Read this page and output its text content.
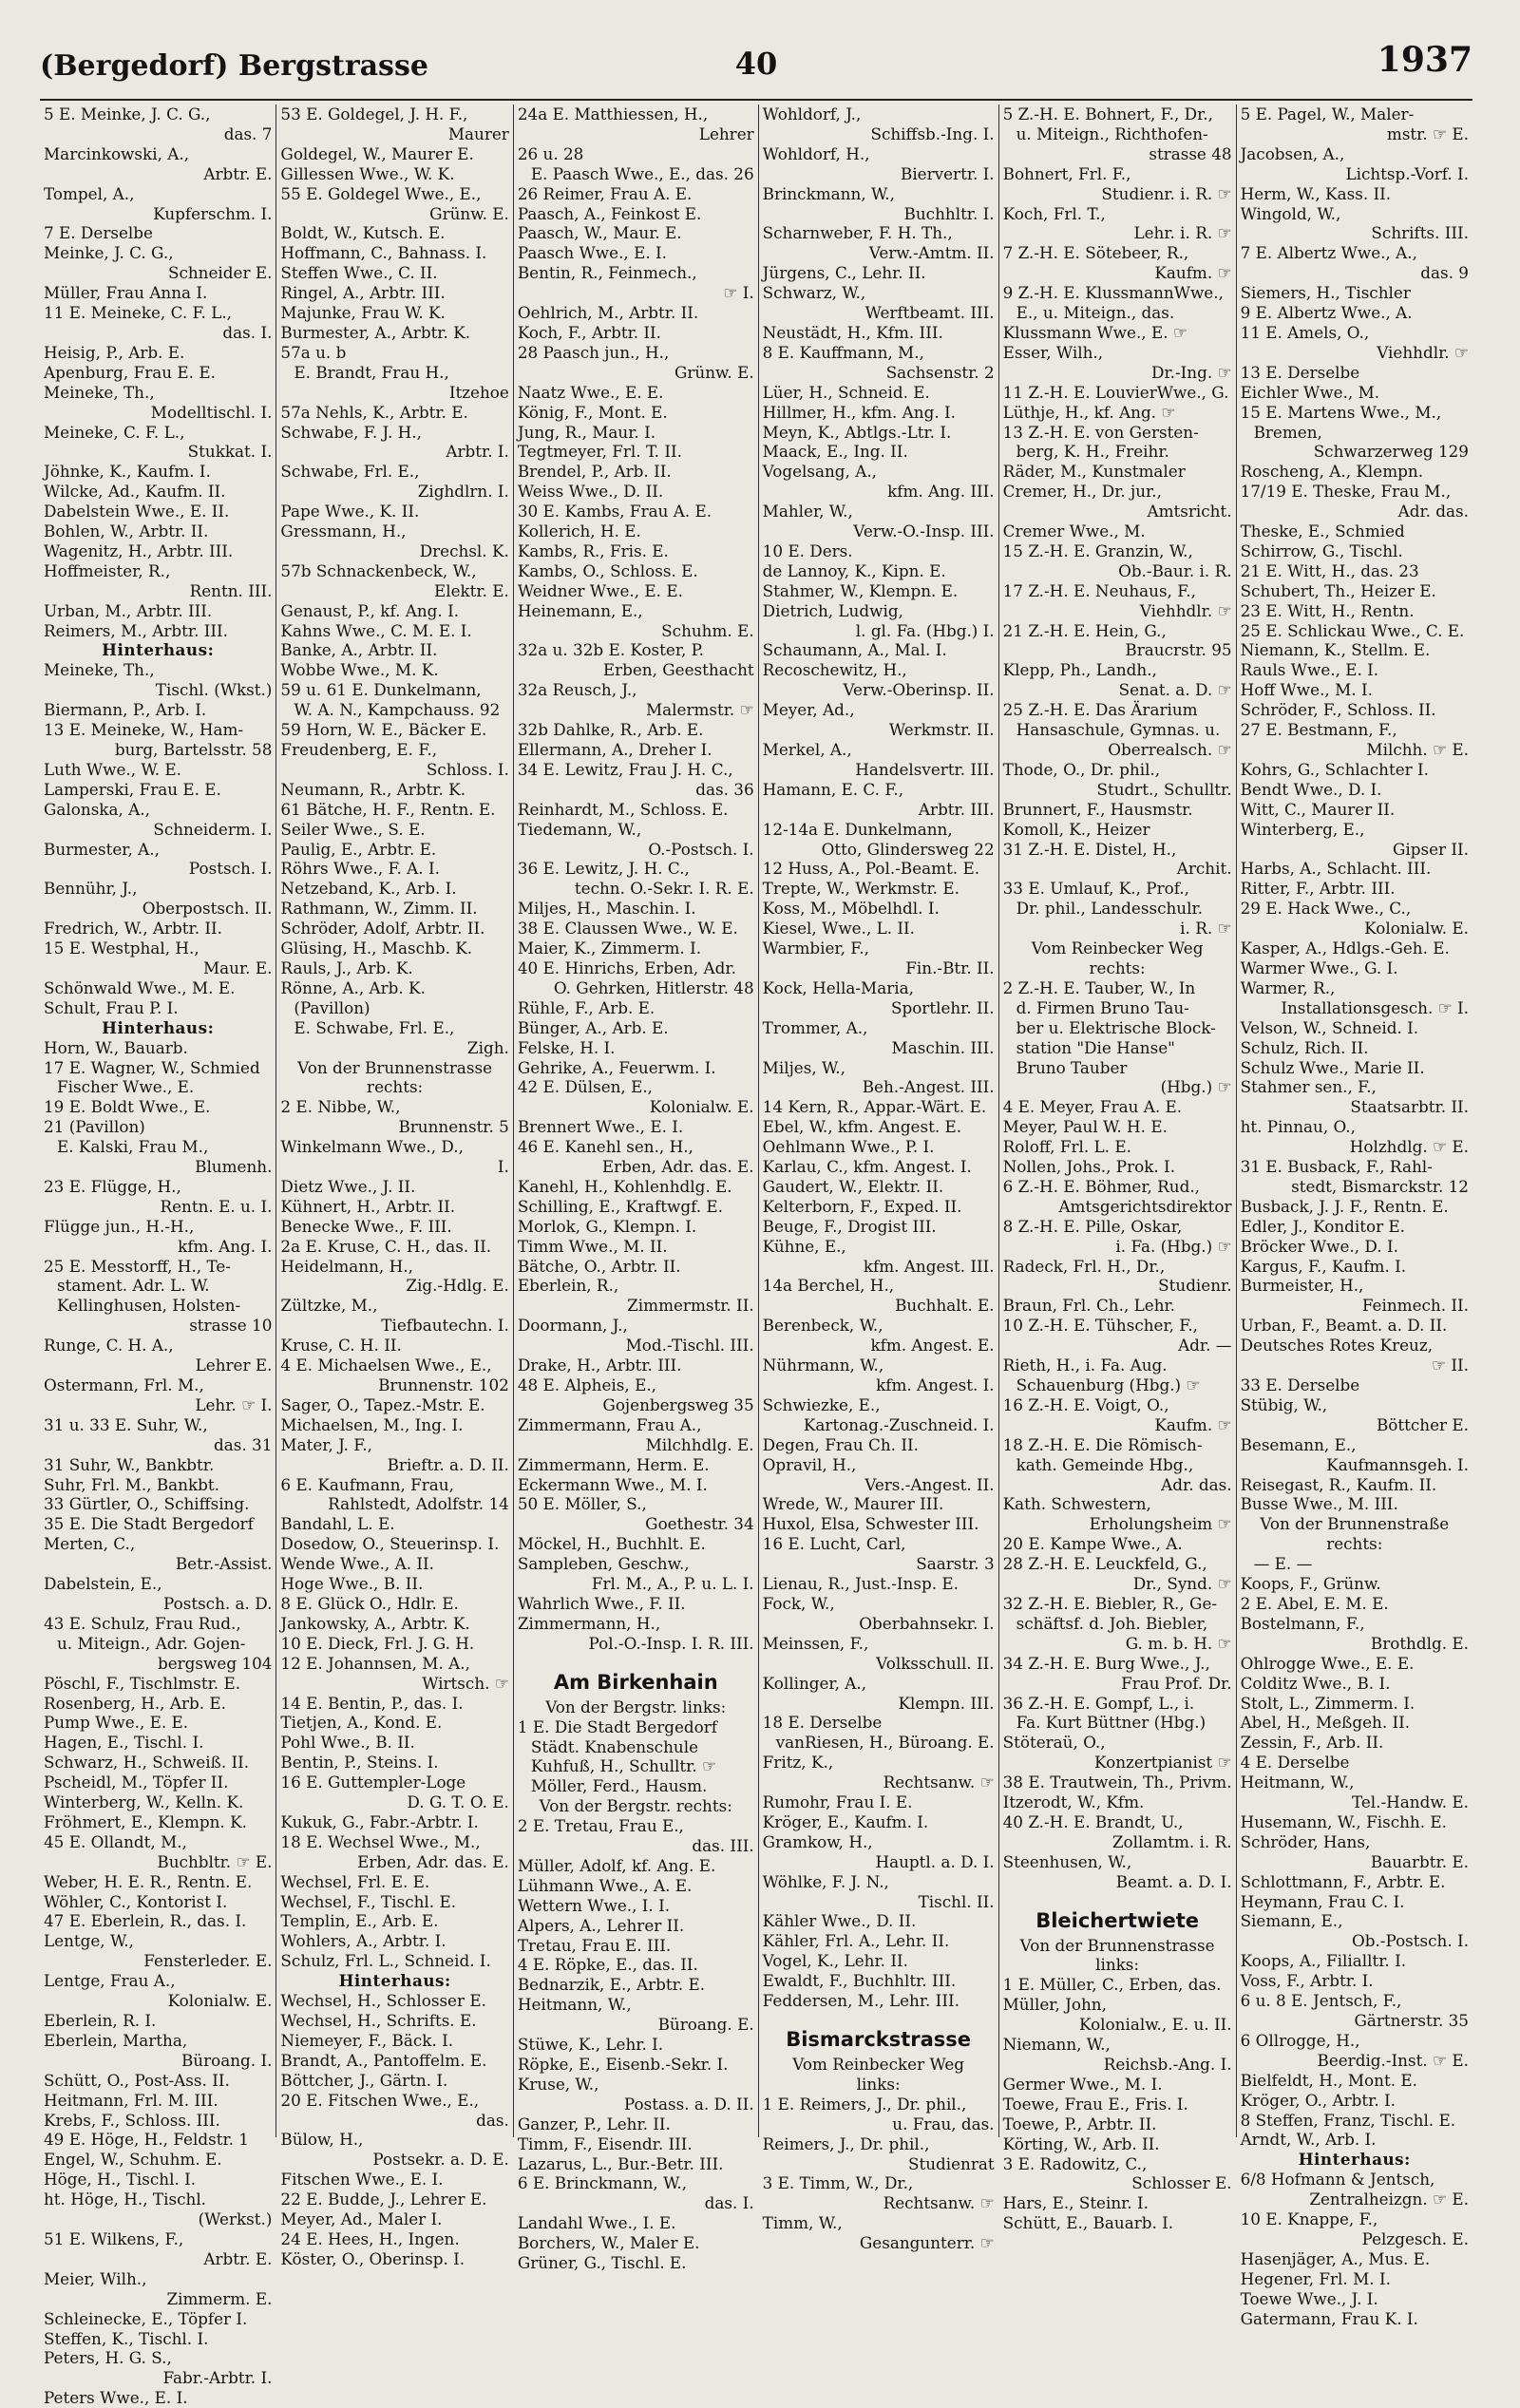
(Bergedorf) Bergstrasse	40	1937
5 E. Meinke, J. C. G.,
das. 7
Marcinkowski, A.,
Arbtr. E.
Tompel, A.,
Kupferschm. I.
7 E. Derselbe
Meinke, J. C. G.,
Schneider E.
Müller, Frau Anna I.
11 E. Meineke, C. F. L.,
das. I.
Heisig, P., Arb. E.
Apenburg, Frau E. E.
Meineke, Th.,
Modelltischl. I.
Meineke, C. F. L.,
Stukkat. I.
Jöhnke, K., Kaufm. I.
Wilcke, Ad., Kaufm. II.
Dabelstein Wwe., E. II.
Bohlen, W., Arbtr. II.
Wagenitz, H., Arbtr. III.
Hoffmeister, R.,
Rentn. III.
Urban, M., Arbtr. III.
Reimers, M., Arbtr. III.
Hinterhaus:
Meineke, Th.,
Tischl. (Wkst.)
Biermann, P., Arb. I.
13 E. Meineke, W., Ham-
burg, Bartelsstr. 58
Luth Wwe., W. E.
Lamperski, Frau E. E.
Galonska, A.,
Schneiderm. I.
Burmester, A.,
Postsch. I.
Bennühr, J.,
Oberpostsch. II.
Fredrich, W., Arbtr. II.
15 E. Westphal, H.,
Maur. E.
Schönwald Wwe., M. E.
Schult, Frau P. I.
Hinterhaus:
Horn, W., Bauarb.
17 E. Wagner, W., Schmied
Fischer Wwe., E.
19 E. Boldt Wwe., E.
21 (Pavillon)
E. Kalski, Frau M.,
Blumenh.
23 E. Flügge, H.,
Rentn. E. u. I.
Flügge jun., H.-H.,
kfm. Ang. I.
25 E. Messtorff, H., Te-
stament. Adr. L. W.
Kellinghusen, Holsten-
strasse 10
Runge, C. H. A.,
Lehrer E.
Ostermann, Frl. M.,
Lehr. ☞ I.
31 u. 33 E. Suhr, W.,
das. 31
31 Suhr, W., Bankbtr.
Suhr, Frl. M., Bankbt.
33 Gürtler, O., Schiffsing.
35 E. Die Stadt Bergedorf
Merten, C.,
Betr.-Assist.
Dabelstein, E.,
Postsch. a. D.
43 E. Schulz, Frau Rud.,
u. Miteign., Adr. Gojen-
bergsweg 104
Pöschl, F., Tischlmstr. E.
Rosenberg, H., Arb. E.
Pump Wwe., E. E.
Hagen, E., Tischl. I.
Schwarz, H., Schweiß. II.
Pscheidl, M., Töpfer II.
Winterberg, W., Kelln. K.
Fröhmert, E., Klempn. K.
45 E. Ollandt, M.,
Buchbltr. ☞ E.
Weber, H. E. R., Rentn. E.
Wöhler, C., Kontorist I.
47 E. Eberlein, R., das. I.
Lentge, W.,
Fensterleder. E.
Lentge, Frau A.,
Kolonialw. E.
Eberlein, R. I.
Eberlein, Martha,
Büroang. I.
Schütt, O., Post-Ass. II.
Heitmann, Frl. M. III.
Krebs, F., Schloss. III.
49 E. Höge, H., Feldstr. 1
Engel, W., Schuhm. E.
Höge, H., Tischl. I.
ht. Höge, H., Tischl.
(Werkst.)
51 E. Wilkens, F.,
Arbtr. E.
Meier, Wilh.,
Zimmerm. E.
Schleinecke, E., Töpfer I.
Steffen, K., Tischl. I.
Peters, H. G. S.,
Fabr.-Arbtr. I.
Peters Wwe., E. I.
53 E. Goldegel, J. H. F.,
Maurer
Goldegel, W., Maurer E.
Gillessen Wwe., W. K.
55 E. Goldegel Wwe., E.,
Grünw. E.
Boldt, W., Kutsch. E.
Hoffmann, C., Bahnass. I.
Steffen Wwe., C. II.
Ringel, A., Arbtr. III.
Majunke, Frau W. K.
Burmester, A., Arbtr. K.
57a u. b
E. Brandt, Frau H.,
Itzehoe
57a Nehls, K., Arbtr. E.
Schwabe, F. J. H.,
Arbtr. I.
Schwabe, Frl. E.,
Zighdlrn. I.
Pape Wwe., K. II.
Gressmann, H.,
Drechsl. K.
57b Schnackenbeck, W.,
Elektr. E.
Genaust, P., kf. Ang. I.
Kahns Wwe., C. M. E. I.
Banke, A., Arbtr. II.
Wobbe Wwe., M. K.
59 u. 61 E. Dunkelmann,
W. A. N., Kampchauss. 92
59 Horn, W. E., Bäcker E.
Freudenberg, E. F.,
Schloss. I.
Neumann, R., Arbtr. K.
61 Bätche, H. F., Rentn. E.
Seiler Wwe., S. E.
Paulig, E., Arbtr. E.
Röhrs Wwe., F. A. I.
Netzeband, K., Arb. I.
Rathmann, W., Zimm. II.
Schröder, Adolf, Arbtr. II.
Glüsing, H., Maschb. K.
Rauls, J., Arb. K.
Rönne, A., Arb. K.
(Pavillon)
E. Schwabe, Frl. E.,
Zigh.
Von der Brunnenstrasse
rechts:
2 E. Nibbe, W.,
Brunnenstr. 5
Winkelmann Wwe., D.,
I.
Dietz Wwe., J. II.
Kühnert, H., Arbtr. II.
Benecke Wwe., F. III.
2a E. Kruse, C. H., das. II.
Heidelmann, H.,
Zig.-Hdlg. E.
Zültzke, M.,
Tiefbautechn. I.
Kruse, C. H. II.
4 E. Michaelsen Wwe., E.,
Brunnenstr. 102
Sager, O., Tapez.-Mstr. E.
Michaelsen, M., Ing. I.
Mater, J. F.,
Brieftr. a. D. II.
6 E. Kaufmann, Frau,
Rahlstedt, Adolfstr. 14
Bandahl, L. E.
Dosedow, O., Steuerinsp. I.
Wende Wwe., A. II.
Hoge Wwe., B. II.
8 E. Glück O., Hdlr. E.
Jankowsky, A., Arbtr. K.
10 E. Dieck, Frl. J. G. H.
12 E. Johannsen, M. A.,
Wirtsch. ☞
14 E. Bentin, P., das. I.
Tietjen, A., Kond. E.
Pohl Wwe., B. II.
Bentin, P., Steins. I.
16 E. Guttempler-Loge
D. G. T. O. E.
Kukuk, G., Fabr.-Arbtr. I.
18 E. Wechsel Wwe., M.,
Erben, Adr. das. E.
Wechsel, Frl. E. E.
Wechsel, F., Tischl. E.
Templin, E., Arb. E.
Wohlers, A., Arbtr. I.
Schulz, Frl. L., Schneid. I.
Hinterhaus:
Wechsel, H., Schlosser E.
Wechsel, H., Schrifts. E.
Niemeyer, F., Bäck. I.
Brandt, A., Pantoffelm. E.
Böttcher, J., Gärtn. I.
20 E. Fitschen Wwe., E.,
das.
Bülow, H.,
Postsekr. a. D. E.
Fitschen Wwe., E. I.
22 E. Budde, J., Lehrer E.
Meyer, Ad., Maler I.
24 E. Hees, H., Ingen.
Köster, O., Oberinsp. I.
24a E. Matthiessen, H.,
Lehrer
26 u. 28
E. Paasch Wwe., E., das. 26
26 Reimer, Frau A. E.
Paasch, A., Feinkost E.
Paasch, W., Maur. E.
Paasch Wwe., E. I.
Bentin, R., Feinmech.,
☞ I.
Oehlrich, M., Arbtr. II.
Koch, F., Arbtr. II.
28 Paasch jun., H.,
Grünw. E.
Naatz Wwe., E. E.
König, F., Mont. E.
Jung, R., Maur. I.
Tegtmeyer, Frl. T. II.
Brendel, P., Arb. II.
Weiss Wwe., D. II.
30 E. Kambs, Frau A. E.
Kollerich, H. E.
Kambs, R., Fris. E.
Kambs, O., Schloss. E.
Weidner Wwe., E. E.
Heinemann, E.,
Schuhm. E.
32a u. 32b E. Koster, P.
Erben, Geesthacht
32a Reusch, J.,
Malermstr. ☞
32b Dahlke, R., Arb. E.
Ellermann, A., Dreher I.
34 E. Lewitz, Frau J. H. C.,
das. 36
Reinhardt, M., Schloss. E.
Tiedemann, W.,
O.-Postsch. I.
36 E. Lewitz, J. H. C.,
techn. O.-Sekr. I. R. E.
Miljes, H., Maschin. I.
38 E. Claussen Wwe., W. E.
Maier, K., Zimmerm. I.
40 E. Hinrichs, Erben, Adr.
O. Gehrken, Hitlerstr. 48
Rühle, F., Arb. E.
Bünger, A., Arb. E.
Felske, H. I.
Gehrike, A., Feuerwm. I.
42 E. Dülsen, E.,
Kolonialw. E.
Brennert Wwe., E. I.
46 E. Kanehl sen., H.,
Erben, Adr. das. E.
Kanehl, H., Kohlenhdlg. E.
Schilling, E., Kraftwgf. E.
Morlok, G., Klempn. I.
Timm Wwe., M. II.
Bätche, O., Arbtr. II.
Eberlein, R.,
Zimmermstr. II.
Doormann, J.,
Mod.-Tischl. III.
Drake, H., Arbtr. III.
48 E. Alpheis, E.,
Gojenbergsweg 35
Zimmermann, Frau A.,
Milchhdlg. E.
Zimmermann, Herm. E.
Eckermann Wwe., M. I.
50 E. Möller, S.,
Goethestr. 34
Möckel, H., Buchhlt. E.
Sampleben, Geschw.,
Frl. M., A., P. u. L. I.
Wahrlich Wwe., F. II.
Zimmermann, H.,
Pol.-O.-Insp. I. R. III.
Am Birkenhain
Von der Bergstr. links:
1 E. Die Stadt Bergedorf
Städt. Knabenschule
Kuhfuß, H., Schulltr. ☞
Möller, Ferd., Hausm.
Von der Bergstr. rechts:
2 E. Tretau, Frau E.,
das. III.
Müller, Adolf, kf. Ang. E.
Lühmann Wwe., A. E.
Wettern Wwe., I. I.
Alpers, A., Lehrer II.
Tretau, Frau E. III.
4 E. Röpke, E., das. II.
Bednarzik, E., Arbtr. E.
Heitmann, W.,
Büroang. E.
Stüwe, K., Lehr. I.
Röpke, E., Eisenb.-Sekr. I.
Kruse, W.,
Postass. a. D. II.
Ganzer, P., Lehr. II.
Timm, F., Eisendr. III.
Lazarus, L., Bur.-Betr. III.
6 E. Brinckmann, W.,
das. I.
Landahl Wwe., I. E.
Borchers, W., Maler E.
Grüner, G., Tischl. E.
Wohldorf, J.,
Schiffsb.-Ing. I.
Wohldorf, H.,
Biervertr. I.
Brinckmann, W.,
Buchhltr. I.
Scharnweber, F. H. Th.,
Verw.-Amtm. II.
Jürgens, C., Lehr. II.
Schwarz, W.,
Werftbeamt. III.
Neustädt, H., Kfm. III.
8 E. Kauffmann, M.,
Sachsenstr. 2
Lüer, H., Schneid. E.
Hillmer, H., kfm. Ang. I.
Meyn, K., Abtlgs.-Ltr. I.
Maack, E., Ing. II.
Vogelsang, A.,
kfm. Ang. III.
Mahler, W.,
Verw.-O.-Insp. III.
10 E. Ders.
de Lannoy, K., Kipn. E.
Stahmer, W., Klempn. E.
Dietrich, Ludwig,
l. gl. Fa. (Hbg.) I.
Schaumann, A., Mal. I.
Recoschewitz, H.,
Verw.-Oberinsp. II.
Meyer, Ad.,
Werkmstr. II.
Merkel, A.,
Handelsvertr. III.
Hamann, E. C. F.,
Arbtr. III.
12-14a E. Dunkelmann,
Otto, Glindersweg 22
12 Huss, A., Pol.-Beamt. E.
Trepte, W., Werkmstr. E.
Koss, M., Möbelhdl. I.
Kiesel, Wwe., L. II.
Warmbier, F.,
Fin.-Btr. II.
Kock, Hella-Maria,
Sportlehr. II.
Trommer, A.,
Maschin. III.
Miljes, W.,
Beh.-Angest. III.
14 Kern, R., Appar.-Wärt. E.
Ebel, W., kfm. Angest. E.
Oehlmann Wwe., P. I.
Karlau, C., kfm. Angest. I.
Gaudert, W., Elektr. II.
Kelterborn, F., Exped. II.
Beuge, F., Drogist III.
Kühne, E.,
kfm. Angest. III.
14a Berchel, H.,
Buchhalt. E.
Berenbeck, W.,
kfm. Angest. E.
Nührmann, W.,
kfm. Angest. I.
Schwiezke, E.,
Kartonag.-Zuschneid. I.
Degen, Frau Ch. II.
Opravil, H.,
Vers.-Angest. II.
Wrede, W., Maurer III.
Huxol, Elsa, Schwester III.
16 E. Lucht, Carl,
Saarstr. 3
Lienau, R., Just.-Insp. E.
Fock, W.,
Oberbahnsekr. I.
Meinssen, F.,
Volksschull. II.
Kollinger, A.,
Klempn. III.
18 E. Derselbe
vanRiesen, H., Büroang. E.
Fritz, K.,
Rechtsanw. ☞
Rumohr, Frau I. E.
Kröger, E., Kaufm. I.
Gramkow, H.,
Hauptl. a. D. I.
Wöhlke, F. J. N.,
Tischl. II.
Kähler Wwe., D. II.
Kähler, Frl. A., Lehr. II.
Vogel, K., Lehr. II.
Ewaldt, F., Buchhltr. III.
Feddersen, M., Lehr. III.
Bismarckstrasse
Vom Reinbecker Weg
links:
1 E. Reimers, J., Dr. phil.,
u. Frau, das.
Reimers, J., Dr. phil.,
Studienrat
3 E. Timm, W., Dr.,
Rechtsanw. ☞
Timm, W.,
Gesangunterr. ☞
5 Z.-H. E. Bohnert, F., Dr.,
u. Miteign., Richthofen-
strasse 48
Bohnert, Frl. F.,
Studienr. i. R. ☞
Koch, Frl. T.,
Lehr. i. R. ☞
7 Z.-H. E. Sötebeer, R.,
Kaufm. ☞
9 Z.-H. E. KlussmannWwe.,
E., u. Miteign., das.
Klussmann Wwe., E. ☞
Esser, Wilh.,
Dr.-Ing. ☞
11 Z.-H. E. LouvierWwe., G.
Lüthje, H., kf. Ang. ☞
13 Z.-H. E. von Gersten-
berg, K. H., Freihr.
Räder, M., Kunstmaler
Cremer, H., Dr. jur.,
Amtsricht.
Cremer Wwe., M.
15 Z.-H. E. Granzin, W.,
Ob.-Baur. i. R.
17 Z.-H. E. Neuhaus, F.,
Viehhdlr. ☞
21 Z.-H. E. Hein, G.,
Braucrstr. 95
Klepp, Ph., Landh.,
Senat. a. D. ☞
25 Z.-H. E. Das Ärarium
Hansaschule, Gymnas. u.
Oberrealsch. ☞
Thode, O., Dr. phil.,
Studrt., Schulltr.
Brunnert, F., Hausmstr.
Komoll, K., Heizer
31 Z.-H. E. Distel, H.,
Archit.
33 E. Umlauf, K., Prof.,
Dr. phil., Landesschulr.
i. R. ☞
Vom Reinbecker Weg
rechts:
2 Z.-H. E. Tauber, W., In
d. Firmen Bruno Tau-
ber u. Elektrische Block-
station "Die Hanse"
Bruno Tauber
(Hbg.) ☞
4 E. Meyer, Frau A. E.
Meyer, Paul W. H. E.
Roloff, Frl. L. E.
Nollen, Johs., Prok. I.
6 Z.-H. E. Böhmer, Rud.,
Amtsgerichtsdirektor
8 Z.-H. E. Pille, Oskar,
i. Fa. (Hbg.) ☞
Radeck, Frl. H., Dr.,
Studienr.
Braun, Frl. Ch., Lehr.
10 Z.-H. E. Tühscher, F.,
Adr. —
Rieth, H., i. Fa. Aug.
Schauenburg (Hbg.) ☞
16 Z.-H. E. Voigt, O.,
Kaufm. ☞
18 Z.-H. E. Die Römisch-
kath. Gemeinde Hbg.,
Adr. das.
Kath. Schwestern,
Erholungsheim ☞
20 E. Kampe Wwe., A.
28 Z.-H. E. Leuckfeld, G.,
Dr., Synd. ☞
32 Z.-H. E. Biebler, R., Ge-
schäftsf. d. Joh. Biebler,
G. m. b. H. ☞
34 Z.-H. E. Burg Wwe., J.,
Frau Prof. Dr.
36 Z.-H. E. Gompf, L., i.
Fa. Kurt Büttner (Hbg.)
Stöteraü, O.,
Konzertpianist ☞
38 E. Trautwein, Th., Privm.
Itzerodt, W., Kfm.
40 Z.-H. E. Brandt, U.,
Zollamtm. i. R.
Steenhusen, W.,
Beamt. a. D. I.
Bleichertwiete
Von der Brunnenstrasse
links:
1 E. Müller, C., Erben, das.
Müller, John,
Kolonialw., E. u. II.
Niemann, W.,
Reichsb.-Ang. I.
Germer Wwe., M. I.
Toewe, Frau E., Fris. I.
Toewe, P., Arbtr. II.
Körting, W., Arb. II.
3 E. Radowitz, C.,
Schlosser E.
Hars, E., Steinr. I.
Schütt, E., Bauarb. I.
5 E. Pagel, W., Maler-
mstr. ☞ E.
Jacobsen, A.,
Lichtsp.-Vorf. I.
Herm, W., Kass. II.
Wingold, W.,
Schrifts. III.
7 E. Albertz Wwe., A.,
das. 9
Siemers, H., Tischler
9 E. Albertz Wwe., A.
11 E. Amels, O.,
Viehhdlr. ☞
13 E. Derselbe
Eichler Wwe., M.
15 E. Martens Wwe., M.,
Bremen,
Schwarzerweg 129
Roscheng, A., Klempn.
17/19 E. Theske, Frau M.,
Adr. das.
Theske, E., Schmied
Schirrow, G., Tischl.
21 E. Witt, H., das. 23
Schubert, Th., Heizer E.
23 E. Witt, H., Rentn.
25 E. Schlickau Wwe., C. E.
Niemann, K., Stellm. E.
Rauls Wwe., E. I.
Hoff Wwe., M. I.
Schröder, F., Schloss. II.
27 E. Bestmann, F.,
Milchh. ☞ E.
Kohrs, G., Schlachter I.
Bendt Wwe., D. I.
Witt, C., Maurer II.
Winterberg, E.,
Gipser II.
Harbs, A., Schlacht. III.
Ritter, F., Arbtr. III.
29 E. Hack Wwe., C.,
Kolonialw. E.
Kasper, A., Hdlgs.-Geh. E.
Warmer Wwe., G. I.
Warmer, R.,
Installationsgesch. ☞ I.
Velson, W., Schneid. I.
Schulz, Rich. II.
Schulz Wwe., Marie II.
Stahmer sen., F.,
Staatsarbtr. II.
ht. Pinnau, O.,
Holzhdlg. ☞ E.
31 E. Busback, F., Rahl-
stedt, Bismarckstr. 12
Busback, J. J. F., Rentn. E.
Edler, J., Konditor E.
Bröcker Wwe., D. I.
Kargus, F., Kaufm. I.
Burmeister, H.,
Feinmech. II.
Urban, F., Beamt. a. D. II.
Deutsches Rotes Kreuz,
☞ II.
33 E. Derselbe
Stübig, W.,
Böttcher E.
Besemann, E.,
Kaufmannsgeh. I.
Reisegast, R., Kaufm. II.
Busse Wwe., M. III.
Von der Brunnenstraße
rechts:
— E. —
Koops, F., Grünw.
2 E. Abel, E. M. E.
Bostelmann, F.,
Brothdlg. E.
Ohlrogge Wwe., E. E.
Colditz Wwe., B. I.
Stolt, L., Zimmerm. I.
Abel, H., Meßgeh. II.
Zessin, F., Arb. II.
4 E. Derselbe
Heitmann, W.,
Tel.-Handw. E.
Husemann, W., Fischh. E.
Schröder, Hans,
Bauarbtr. E.
Schlottmann, F., Arbtr. E.
Heymann, Frau C. I.
Siemann, E.,
Ob.-Postsch. I.
Koops, A., Filialltr. I.
Voss, F., Arbtr. I.
6 u. 8 E. Jentsch, F.,
Gärtnerstr. 35
6 Ollrogge, H.,
Beerdig.-Inst. ☞ E.
Bielfeldt, H., Mont. E.
Kröger, O., Arbtr. I.
8 Steffen, Franz, Tischl. E.
Arndt, W., Arb. I.
Hinterhaus:
6/8 Hofmann & Jentsch,
Zentralheizgn. ☞ E.
10 E. Knappe, F.,
Pelzgesch. E.
Hasenjäger, A., Mus. E.
Hegener, Frl. M. I.
Toewe Wwe., J. I.
Gatermann, Frau K. I.
